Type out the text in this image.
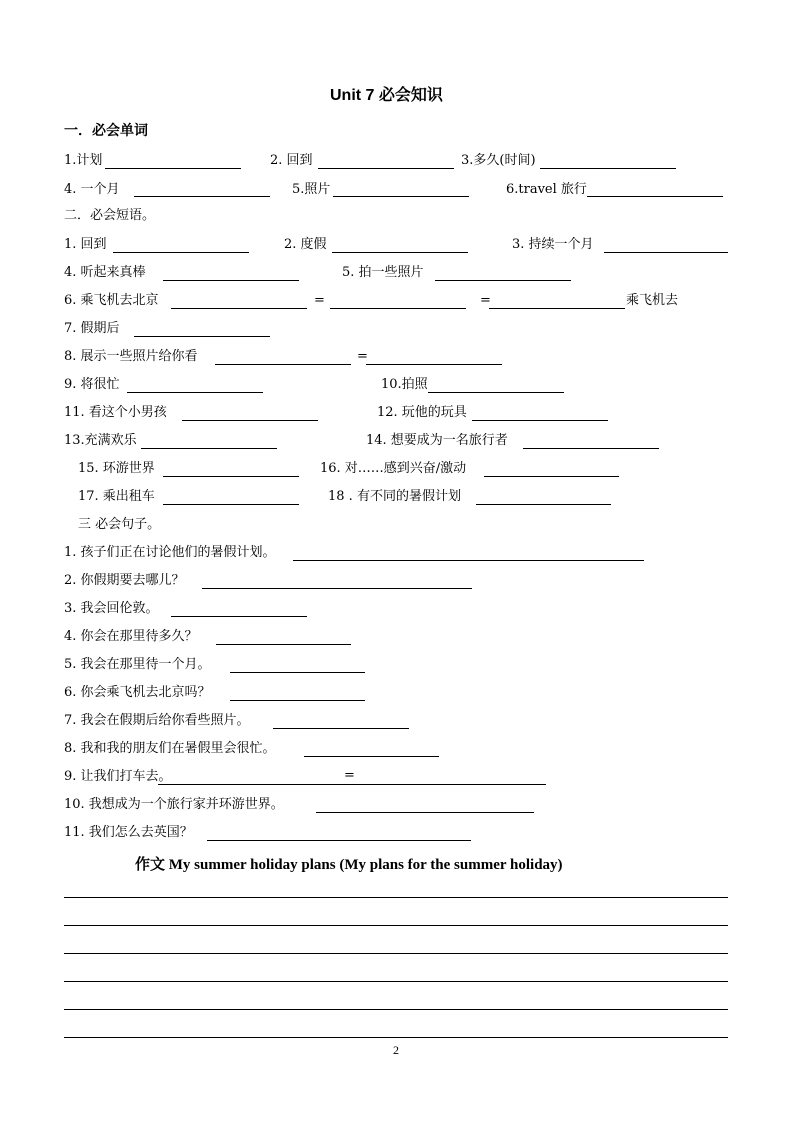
Unit 7 必会知识
一．必会单词
1.计划	2. 回到	3.多久(时间)
4. 一个月	5.照片	6.travel 旅行
二．必会短语。
1. 回到	2. 度假	3. 持续一个月
4. 听起来真棒	5. 拍一些照片
6. 乘飞机去北京	=	=	乘飞机去
7. 假期后
8. 展示一些照片给你看	=
9. 将很忙	10.拍照
11. 看这个小男孩	12. 玩他的玩具
13.充满欢乐	14. 想要成为一名旅行者
15. 环游世界	16. 对……感到兴奋/激动
17. 乘出租车	18 . 有不同的暑假计划
三 必会句子。
1. 孩子们正在讨论他们的暑假计划。
2. 你假期要去哪儿？
3. 我会回伦敦。
4. 你会在那里待多久？
5. 我会在那里待一个月。
6. 你会乘飞机去北京吗？
7. 我会在假期后给你看些照片。
8. 我和我的朋友们在暑假里会很忙。
9. 让我们打车去。	=
10. 我想成为一个旅行家并环游世界。
11. 我们怎么去英国？
作文 My summer holiday plans (My plans for the summer holiday)
2
